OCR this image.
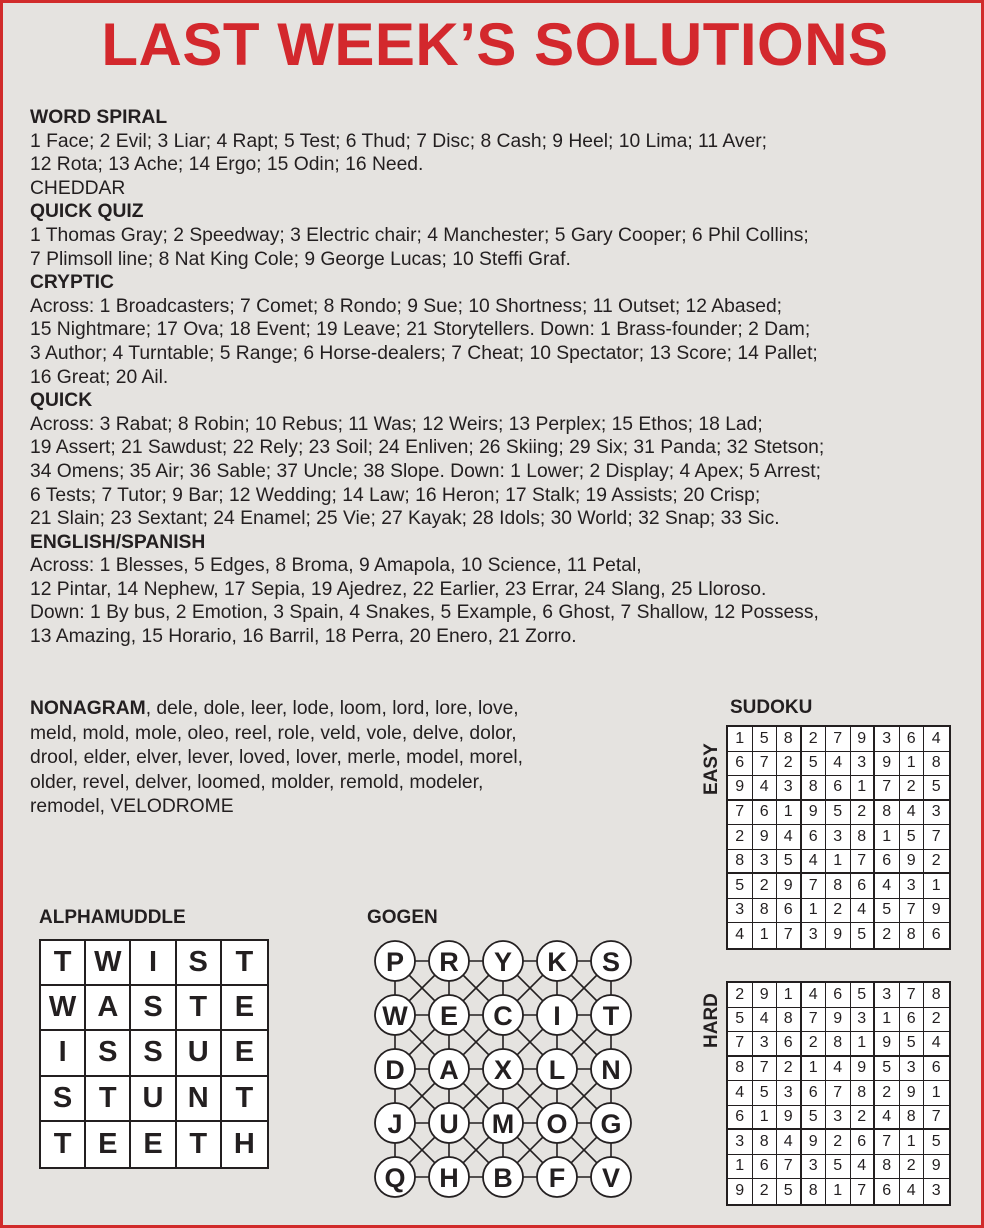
LAST WEEK’S SOLUTIONS

WORD SPIRAL

1 Face; 2 Evil; 3 Liar; 4 Rapt; 5 Test; 6 Thud; 7 Disc; 8 Cash; 9 Heel; 10 Lima; 11 Aver;

12 Rota; 13 Ache; 14 Ergo; 15 Odin; 16 Need.

CHEDDAR

QUICK QUIZ

1 Thomas Gray; 2 Speedway; 3 Electric chair; 4 Manchester; 5 Gary Cooper; 6 Phil Collins;

7 Plimsoll line; 8 Nat King Cole; 9 George Lucas; 10 Steffi Graf.

CRYPTIC

Across: 1 Broadcasters; 7 Comet; 8 Rondo; 9 Sue; 10 Shortness; 11 Outset; 12 Abased;

15 Nightmare; 17 Ova; 18 Event; 19 Leave; 21 Storytellers. Down: 1 Brass-founder; 2 Dam;

3 Author; 4 Turntable; 5 Range; 6 Horse-dealers; 7 Cheat; 10 Spectator; 13 Score; 14 Pallet;

16 Great; 20 Ail.

QUICK

Across: 3 Rabat; 8 Robin; 10 Rebus; 11 Was; 12 Weirs; 13 Perplex; 15 Ethos; 18 Lad;

19 Assert; 21 Sawdust; 22 Rely; 23 Soil; 24 Enliven; 26 Skiing; 29 Six; 31 Panda; 32 Stetson;

34 Omens; 35 Air; 36 Sable; 37 Uncle; 38 Slope. Down: 1 Lower; 2 Display; 4 Apex; 5 Arrest;

6 Tests; 7 Tutor; 9 Bar; 12 Wedding; 14 Law; 16 Heron; 17 Stalk; 19 Assists; 20 Crisp;

21 Slain; 23 Sextant; 24 Enamel; 25 Vie; 27 Kayak; 28 Idols; 30 World; 32 Snap; 33 Sic.

ENGLISH/SPANISH

Across: 1 Blesses, 5 Edges, 8 Broma, 9 Amapola, 10 Science, 11 Petal,

12 Pintar, 14 Nephew, 17 Sepia, 19 Ajedrez, 22 Earlier, 23 Errar, 24 Slang, 25 Lloroso.

Down: 1 By bus, 2 Emotion, 3 Spain, 4 Snakes, 5 Example, 6 Ghost, 7 Shallow, 12 Possess,

13 Amazing, 15 Horario, 16 Barril, 18 Perra, 20 Enero, 21 Zorro.

NONAGRAM, dele, dole, leer, lode, loom, lord, lore, love,
meld, mold, mole, oleo, reel, role, veld, vole, delve, dolor,
drool, elder, elver, lever, loved, lover, merle, model, morel,
older, revel, delver, loomed, molder, remold, modeler,
remodel, VELODROME
SUDOKU
EASY
1 5 8	2 7 9	3 6	4
6 7 2	5 4 3	9 1	8
9 4 3	8 6 1	7 2	5
7 6 1	9 5 2	8 4	3
2 9 4	6 3 8	1 5	7
8 3 5	4 1 7	6 9	2
5 2 9	7 8 6	4 3	1
3 8 6	1 2 4	5 7	9
4 1 7	3 9 5	2 8	6
HARD 2 9 1	4 6 5	3 7	8
5 4 8	7 9 3	1 6	2
7 3 6	2 8 1	9 5	4
8 7 2	1 4 9	5 3	6
4 5 3	6 7 8	2 9	1
6 1 9	5 3 2	4 8	7
3 8 4	9 2 6	7 1	5
1 6 7	3 5 4	8 2	9
9 2 5	8 1 7	6 4	3
ALPHAMUDDLE
T W I	S T
W A S T E
I	S S U E
S T U N T
T E E T H
GOGEN
P R Y K S
W E C I T
D A X L N
J U M O G
Q H B F V
